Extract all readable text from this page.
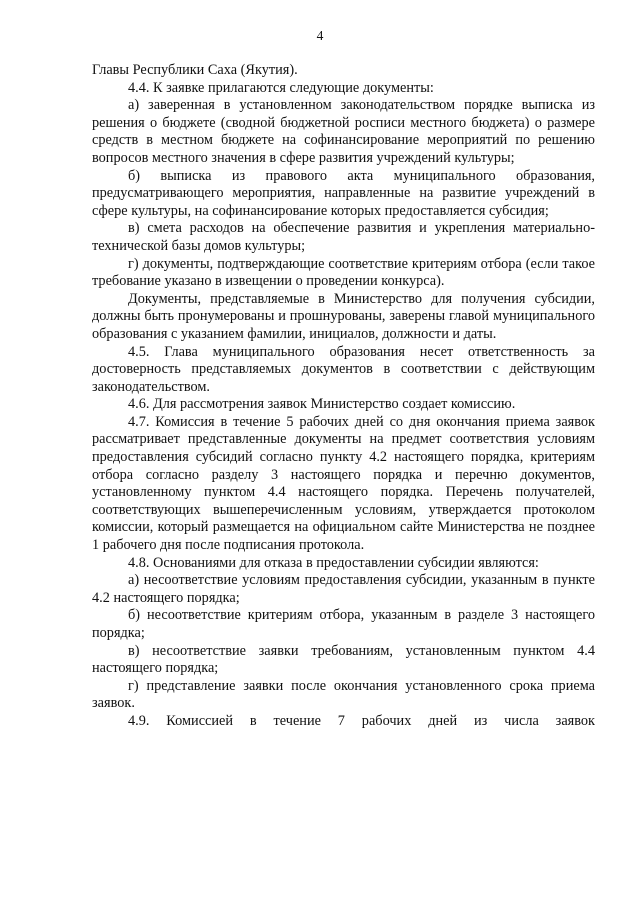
4

Главы Республики Саха (Якутия).

4.4. К заявке прилагаются следующие документы:

а) заверенная в установленном законодательством порядке выписка из решения о бюджете (сводной бюджетной росписи местного бюджета) о размере средств в местном бюджете на софинансирование мероприятий по решению вопросов местного значения в сфере развития учреждений культуры;

б) выписка из правового акта муниципального образования, предусматривающего мероприятия, направленные на развитие учреждений в сфере культуры, на софинансирование которых предоставляется субсидия;

в) смета расходов на обеспечение развития и укрепления материально-технической базы домов культуры;

г) документы, подтверждающие соответствие критериям отбора (если такое требование указано в извещении о проведении конкурса).

Документы, представляемые в Министерство для получения субсидии, должны быть пронумерованы и прошнурованы, заверены главой муниципального образования с указанием фамилии, инициалов, должности и даты.

4.5. Глава муниципального образования несет ответственность за достоверность представляемых документов в соответствии с действующим законодательством.

4.6. Для рассмотрения заявок Министерство создает комиссию.

4.7. Комиссия в течение 5 рабочих дней со дня окончания приема заявок рассматривает представленные документы на предмет соответствия условиям предоставления субсидий согласно пункту 4.2 настоящего порядка, критериям отбора согласно разделу 3 настоящего порядка и перечню документов, установленному пунктом 4.4 настоящего порядка. Перечень получателей, соответствующих вышеперечисленным условиям, утверждается протоколом комиссии, который размещается на официальном сайте Министерства не позднее 1 рабочего дня после подписания протокола.

4.8. Основаниями для отказа в предоставлении субсидии являются:

а) несоответствие условиям предоставления субсидии, указанным в пункте 4.2 настоящего порядка;

б) несоответствие критериям отбора, указанным в разделе 3 настоящего порядка;

в) несоответствие заявки требованиям, установленным пунктом 4.4 настоящего порядка;

г) представление заявки после окончания установленного срока приема заявок.

4.9. Комиссией в течение 7 рабочих дней из числа заявок
